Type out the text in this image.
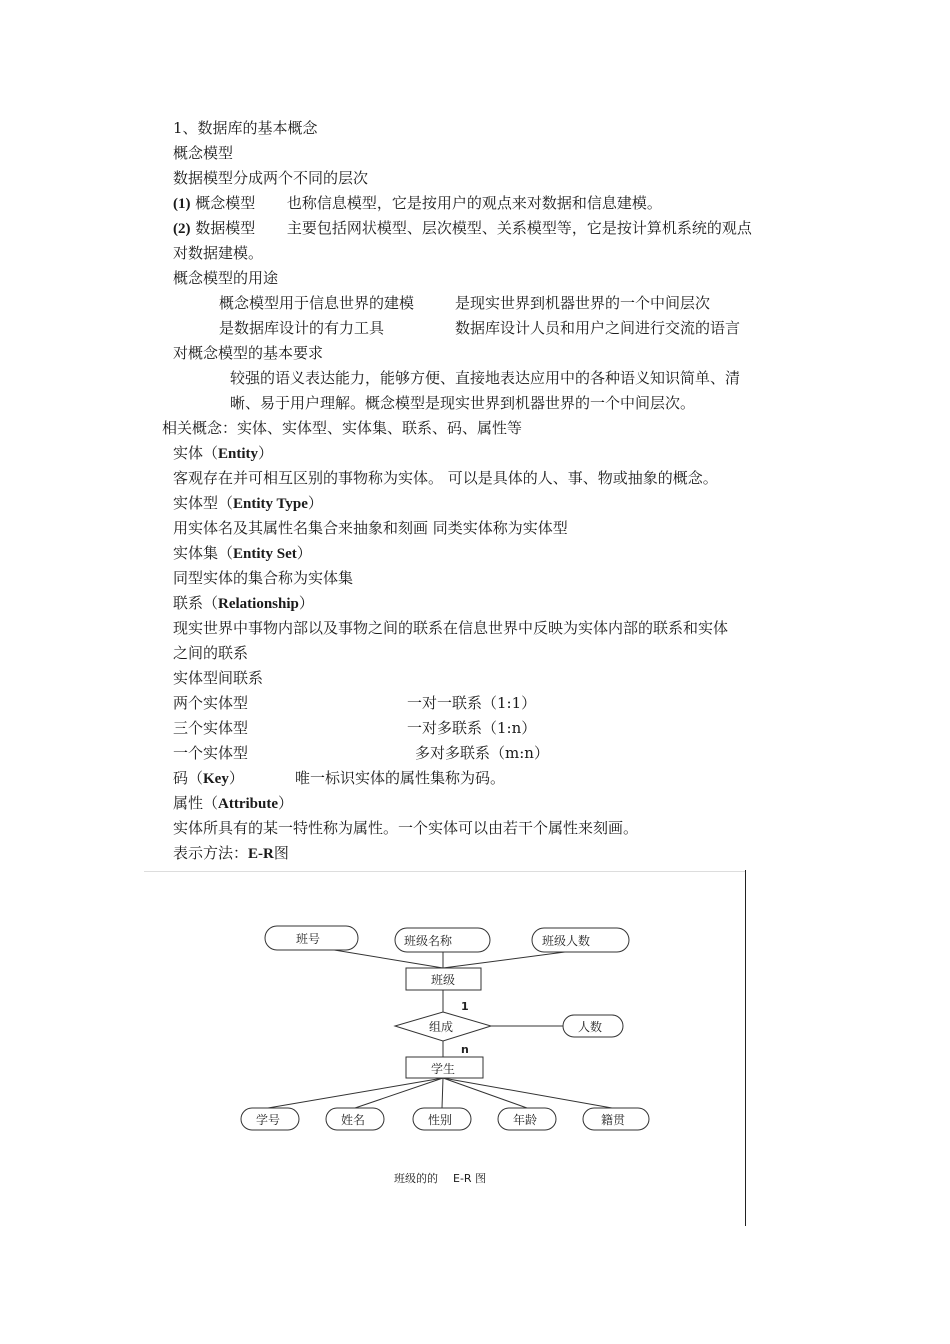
1、数据库的基本概念
概念模型
数据模型分成两个不同的层次
(1) 概念模型 也称信息模型，它是按用户的观点来对数据和信息建模。
(2) 数据模型 主要包括网状模型、层次模型、关系模型等，它是按计算机系统的观点
对数据建模。
概念模型的用途
概念模型用于信息世界的建模	是现实世界到机器世界的一个中间层次
是数据库设计的有力工具	数据库设计人员和用户之间进行交流的语言
对概念模型的基本要求
较强的语义表达能力，能够方便、直接地表达应用中的各种语义知识简单、清
晰、易于用户理解。概念模型是现实世界到机器世界的一个中间层次。
相关概念：实体、实体型、实体集、联系、码、属性等
实体（Entity）
客观存在并可相互区别的事物称为实体。 可以是具体的人、事、物或抽象的概念。
实体型（Entity Type）
用实体名及其属性名集合来抽象和刻画 同类实体称为实体型
实体集（Entity Set）
同型实体的集合称为实体集
联系（Relationship）
现实世界中事物内部以及事物之间的联系在信息世界中反映为实体内部的联系和实体
之间的联系
实体型间联系
两个实体型	一对一联系（1:1）
三个实体型	一对多联系（1:n）
一个实体型	多对多联系（m:n）
码（Key）	唯一标识实体的属性集称为码。
属性（Attribute）
实体所具有的某一特性称为属性。一个实体可以由若干个属性来刻画。
表示方法：E-R图
班号	班级名称	班级人数
班级
1
组成	人数
n
学生
学号	姓名	性别	年龄	籍贯
班级的的 E-R 图
